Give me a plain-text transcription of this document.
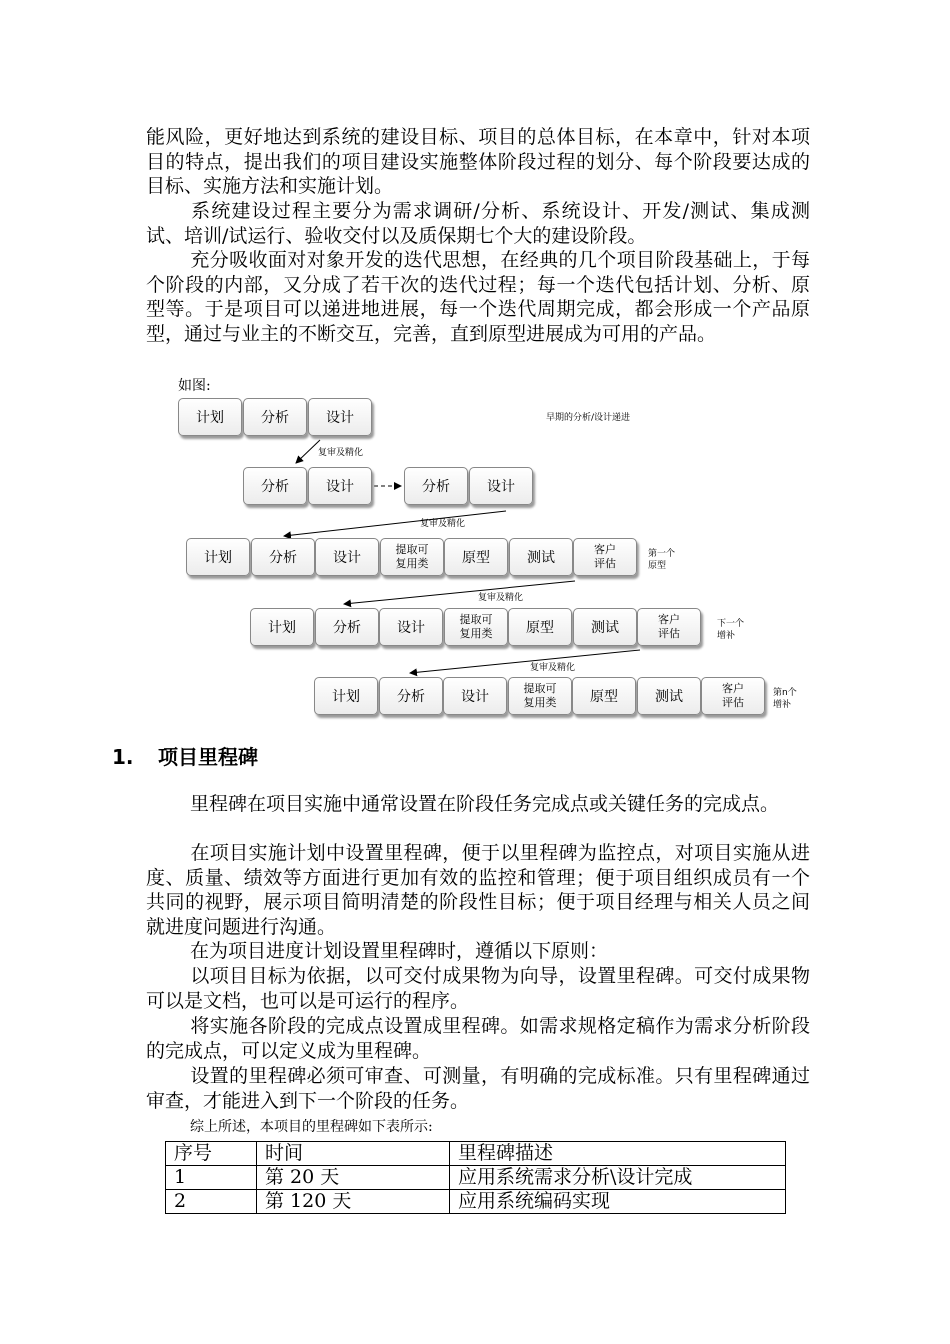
能风险，更好地达到系统的建设目标、项目的总体目标，在本章中，针对本项目的特点，提出我们的项目建设实施整体阶段过程的划分、每个阶段要达成的目标、实施方法和实施计划。

系统建设过程主要分为需求调研/分析、系统设计、开发/测试、集成测试、培训/试运行、验收交付以及质保期七个大的建设阶段。

充分吸收面对对象开发的迭代思想，在经典的几个项目阶段基础上，于每个阶段的内部，又分成了若干次的迭代过程；每一个迭代包括计划、分析、原型等。于是项目可以递进地进展，每一个迭代周期完成，都会形成一个产品原型，通过与业主的不断交互，完善，直到原型进展成为可用的产品。

如图:
计划	分析	设计	早期的分析/设计递进
复审及精化
分析	设计	分析	设计
复审及精化
计划	分析	设计
提取可
复用类	原型	测试
客户
评估
第一个
原型
复审及精化
计划	分析	设计
提取可
复用类	原型	测试
客户
评估
下一个
增补
复审及精化
计划	分析	设计
提取可
复用类	原型	测试
客户
评估
第n个
增补
1. 项目里程碑

里程碑在项目实施中通常设置在阶段任务完成点或关键任务的完成点。

在项目实施计划中设置里程碑，便于以里程碑为监控点，对项目实施从进度、质量、绩效等方面进行更加有效的监控和管理；便于项目组织成员有一个共同的视野，展示项目简明清楚的阶段性目标；便于项目经理与相关人员之间就进度问题进行沟通。

在为项目进度计划设置里程碑时，遵循以下原则：

以项目目标为依据，以可交付成果物为向导，设置里程碑。可交付成果物可以是文档，也可以是可运行的程序。

将实施各阶段的完成点设置成里程碑。如需求规格定稿作为需求分析阶段的完成点，可以定义成为里程碑。

设置的里程碑必须可审查、可测量，有明确的完成标准。只有里程碑通过审查，才能进入到下一个阶段的任务。

综上所述，本项目的里程碑如下表所示:
序号	时间	里程碑描述
1	第 20 天	应用系统需求分析\设计完成
2	第 120 天	应用系统编码实现
